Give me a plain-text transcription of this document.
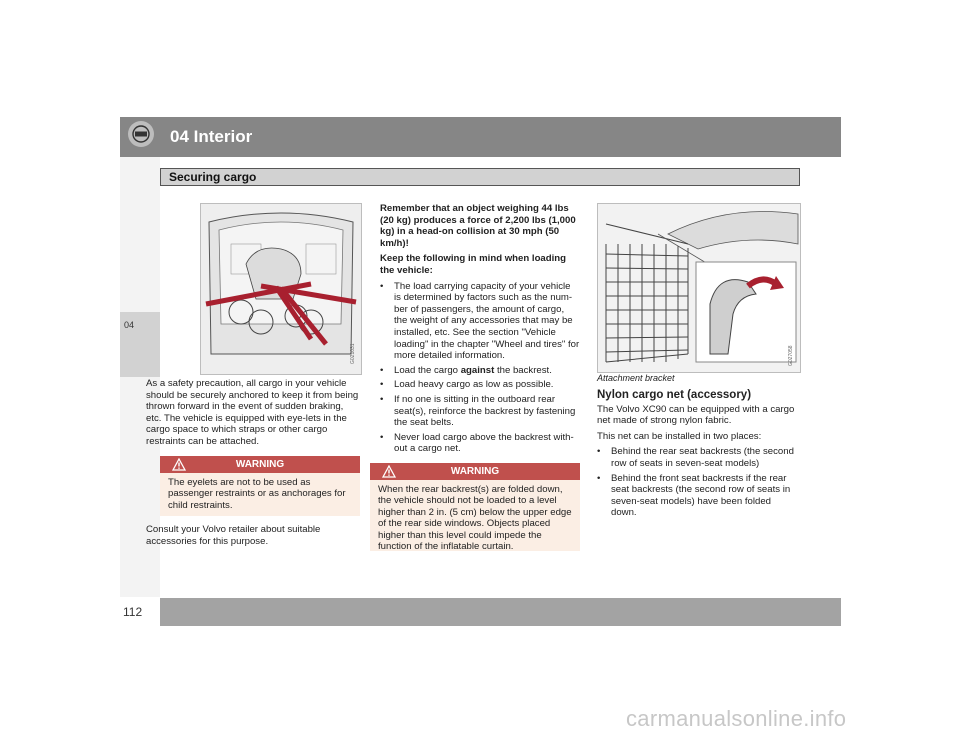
04 Interior
Securing cargo
04
G021031

As a safety precaution, all cargo in your vehicle should be securely anchored to keep it from being thrown forward in the event of sudden braking, etc. The vehicle is equipped with eye-lets in the cargo space to which straps or other cargo restraints can be attached.

WARNING
The eyelets are not to be used as passenger restraints or as anchorages for child restraints.

Consult your Volvo retailer about suitable accessories for this purpose.

Remember that an object weighing 44 lbs (20 kg) produces a force of 2,200 lbs (1,000 kg) in a head-on collision at 30 mph (50 km/h)!

Keep the following in mind when loading the vehicle:

• The load carrying capacity of your vehicle is determined by factors such as the num-ber of passengers, the amount of cargo, the weight of any accessories that may be installed, etc. See the section "Vehicle loading" in the chapter "Wheel and tires" for more detailed information.
• Load the cargo against the backrest.
• Load heavy cargo as low as possible.
• If no one is sitting in the outboard rear seat(s), reinforce the backrest by fastening the seat belts.
• Never load cargo above the backrest with-out a cargo net.
WARNING
When the rear backrest(s) are folded down, the vehicle should not be loaded to a level higher than 2 in. (5 cm) below the upper edge of the rear side windows. Objects placed higher than this level could impede the function of the inflatable curtain.
G027058
Attachment bracket

Nylon cargo net (accessory)

The Volvo XC90 can be equipped with a cargo net made of strong nylon fabric.

This net can be installed in two places:

• Behind the rear seat backrests (the second row of seats in seven-seat models)
• Behind the front seat backrests if the rear seat backrests (the second row of seats in seven-seat models) have been folded down.
112
carmanualsonline.info
